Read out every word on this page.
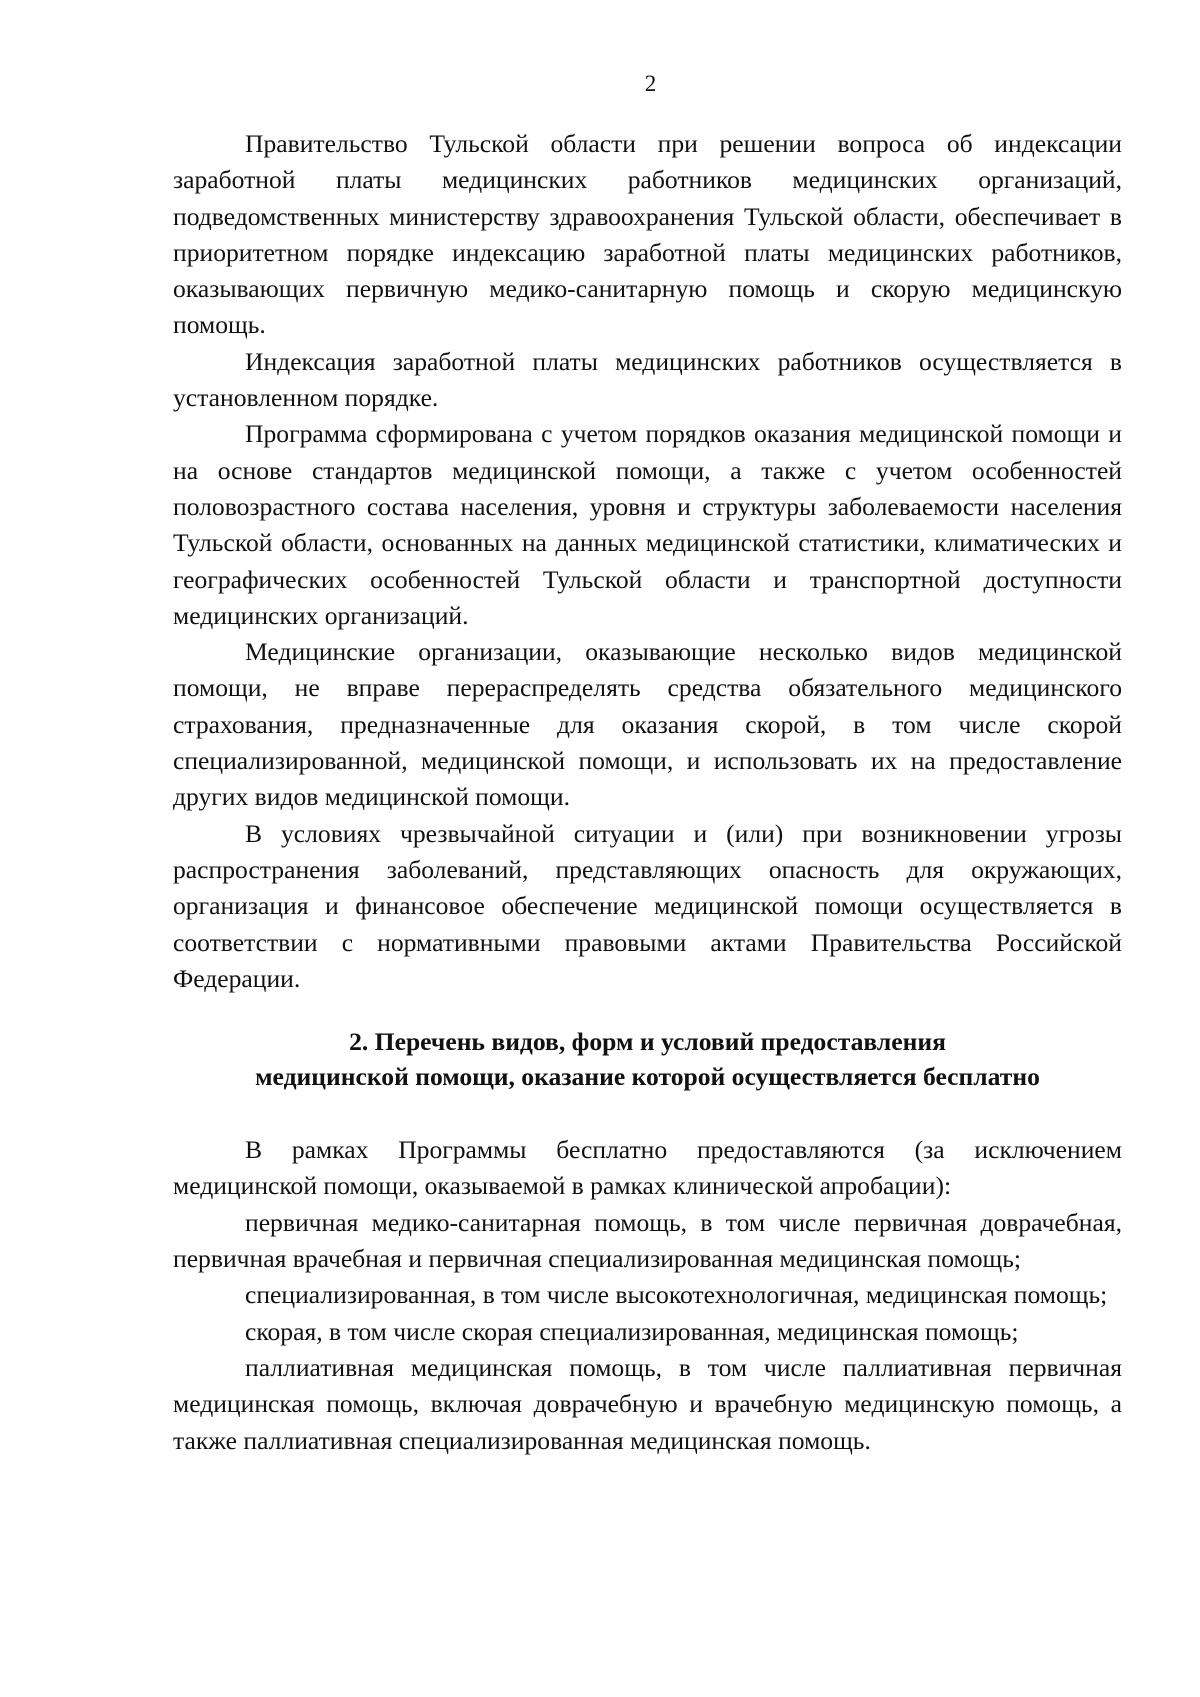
2

Правительство Тульской области при решении вопроса об индексации заработной платы медицинских работников медицинских организаций, подведомственных министерству здравоохранения Тульской области, обеспечивает в приоритетном порядке индексацию заработной платы медицинских работников, оказывающих первичную медико-санитарную помощь и скорую медицинскую помощь.

Индексация заработной платы медицинских работников осуществляется в установленном порядке.

Программа сформирована с учетом порядков оказания медицинской помощи и на основе стандартов медицинской помощи, а также с учетом особенностей половозрастного состава населения, уровня и структуры заболеваемости населения Тульской области, основанных на данных медицинской статистики, климатических и географических особенностей Тульской области и транспортной доступности медицинских организаций.

Медицинские организации, оказывающие несколько видов медицинской помощи, не вправе перераспределять средства обязательного медицинского страхования, предназначенные для оказания скорой, в том числе скорой специализированной, медицинской помощи, и использовать их на предоставление других видов медицинской помощи.

В условиях чрезвычайной ситуации и (или) при возникновении угрозы распространения заболеваний, представляющих опасность для окружающих, организация и финансовое обеспечение медицинской помощи осуществляется в соответствии с нормативными правовыми актами Правительства Российской Федерации.

2. Перечень видов, форм и условий предоставления
медицинской помощи, оказание которой осуществляется бесплатно

В рамках Программы бесплатно предоставляются (за исключением медицинской помощи, оказываемой в рамках клинической апробации):

первичная медико-санитарная помощь, в том числе первичная доврачебная, первичная врачебная и первичная специализированная медицинская помощь;

специализированная, в том числе высокотехнологичная, медицинская помощь;

скорая, в том числе скорая специализированная, медицинская помощь;

паллиативная медицинская помощь, в том числе паллиативная первичная медицинская помощь, включая доврачебную и врачебную медицинскую помощь, а также паллиативная специализированная медицинская помощь.
